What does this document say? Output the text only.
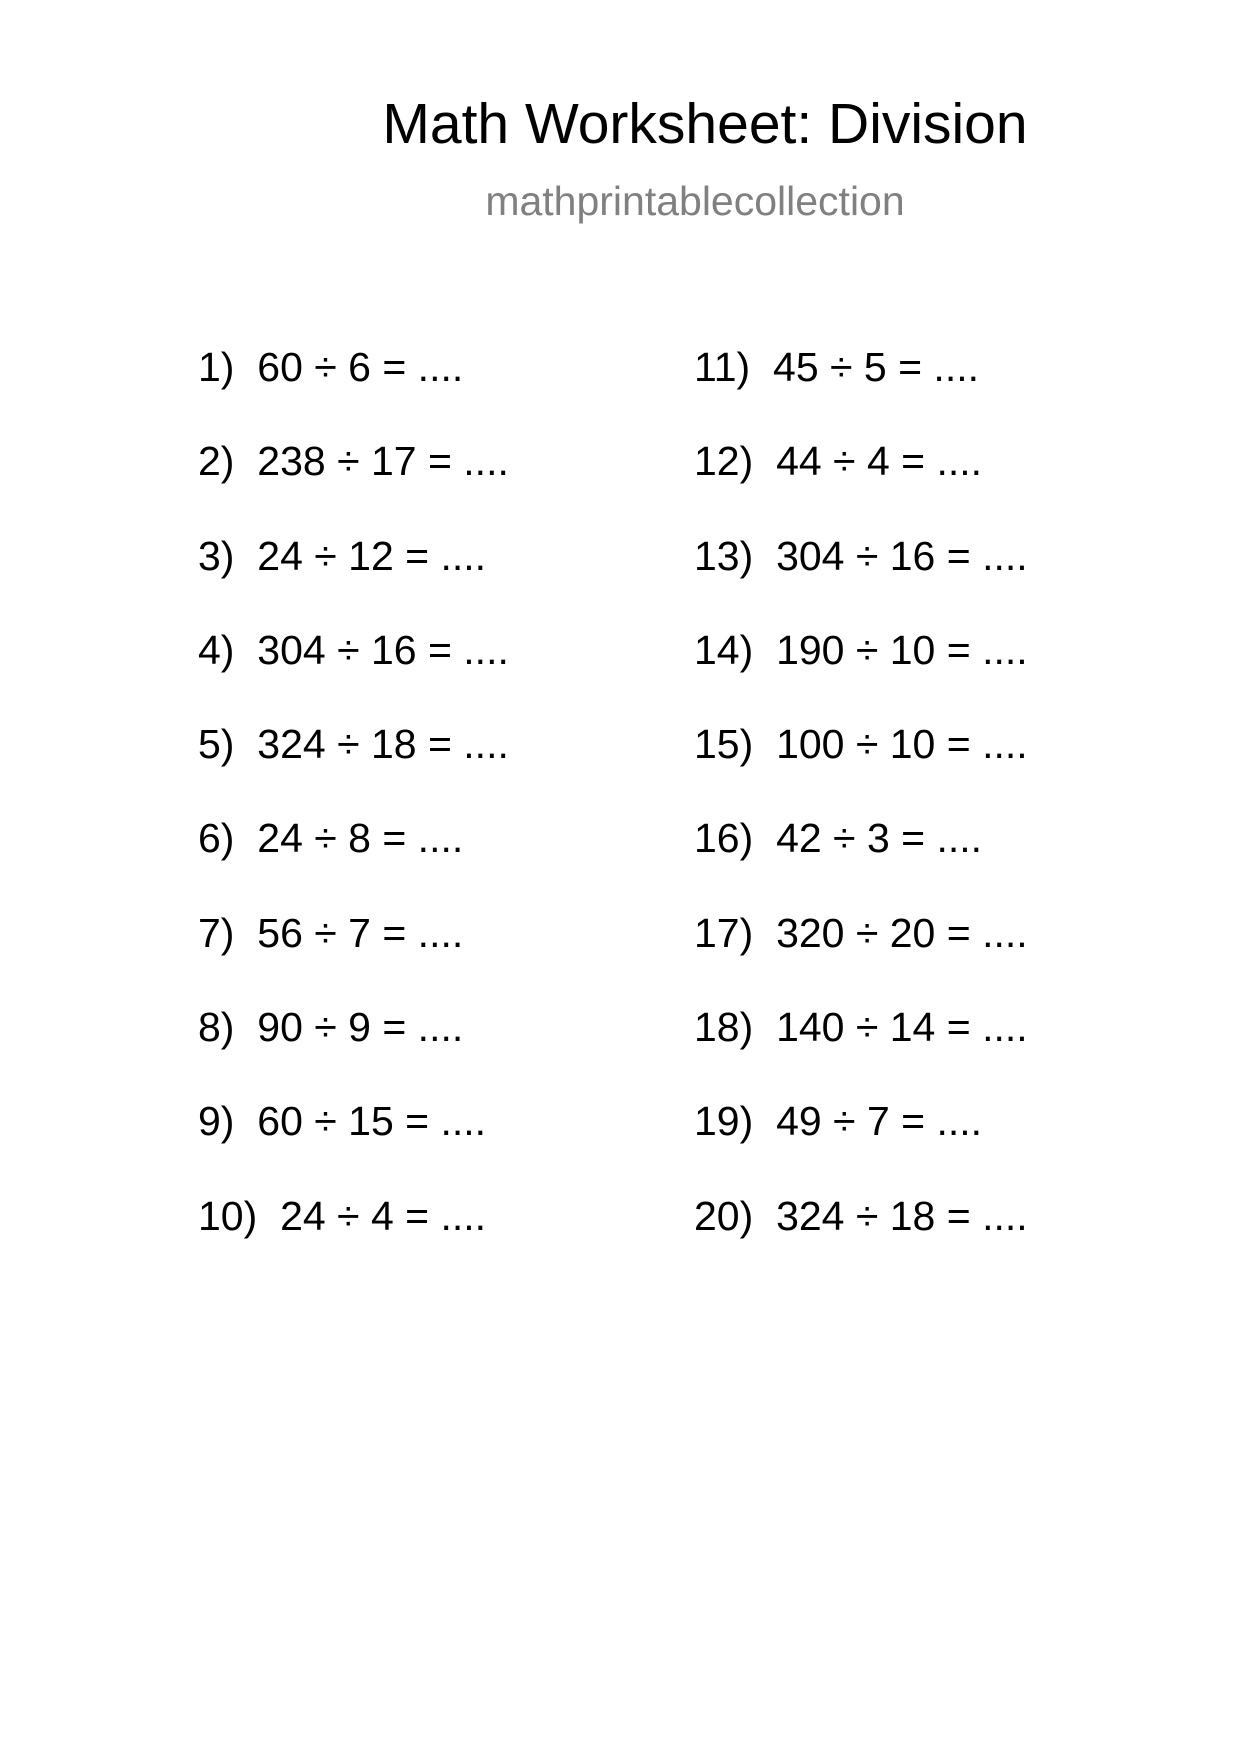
Math Worksheet: Division
mathprintablecollection
1) 60 ÷ 6 = ....
2) 238 ÷ 17 = ....
3) 24 ÷ 12 = ....
4) 304 ÷ 16 = ....
5) 324 ÷ 18 = ....
6) 24 ÷ 8 = ....
7) 56 ÷ 7 = ....
8) 90 ÷ 9 = ....
9) 60 ÷ 15 = ....
10) 24 ÷ 4 = ....
11) 45 ÷ 5 = ....
12) 44 ÷ 4 = ....
13) 304 ÷ 16 = ....
14) 190 ÷ 10 = ....
15) 100 ÷ 10 = ....
16) 42 ÷ 3 = ....
17) 320 ÷ 20 = ....
18) 140 ÷ 14 = ....
19) 49 ÷ 7 = ....
20) 324 ÷ 18 = ....
